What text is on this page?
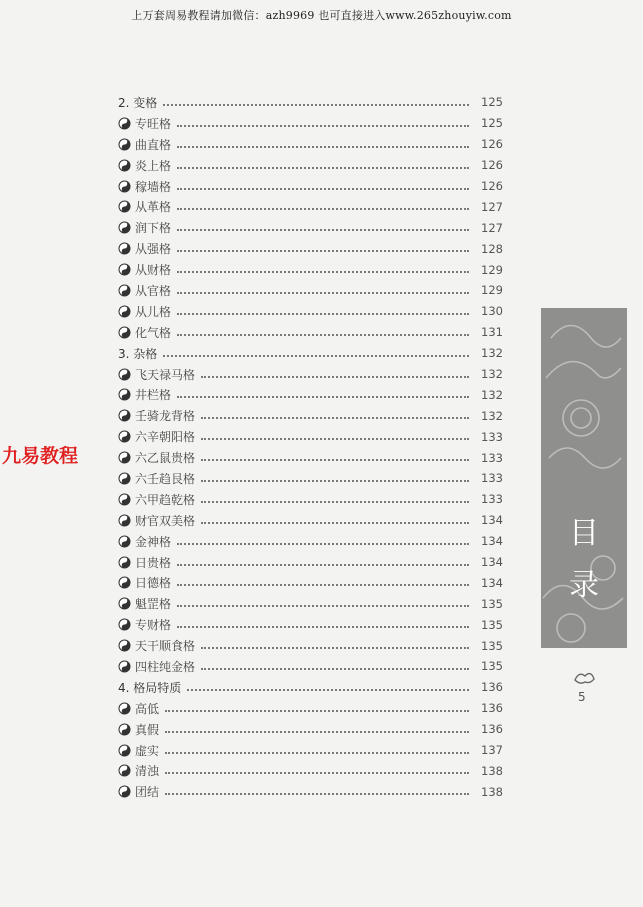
上万套周易教程请加微信：azh9969 也可直接进入www.265zhouyiw.com
九易教程
目
录
5
2. 变格	125
专旺格	125
曲直格	126
炎上格	126
稼墙格	126
从革格	127
润下格	127
从强格	128
从财格	129
从官格	129
从儿格	130
化气格	131
3. 杂格	132
飞天禄马格	132
井栏格	132
壬骑龙背格	132
六辛朝阳格	133
六乙鼠贵格	133
六壬趋艮格	133
六甲趋乾格	133
财官双美格	134
金神格	134
日贵格	134
日德格	134
魁罡格	135
专财格	135
天干顺食格	135
四柱纯金格	135
4. 格局特质	136
高低	136
真假	136
虚实	137
清浊	138
团结	138
